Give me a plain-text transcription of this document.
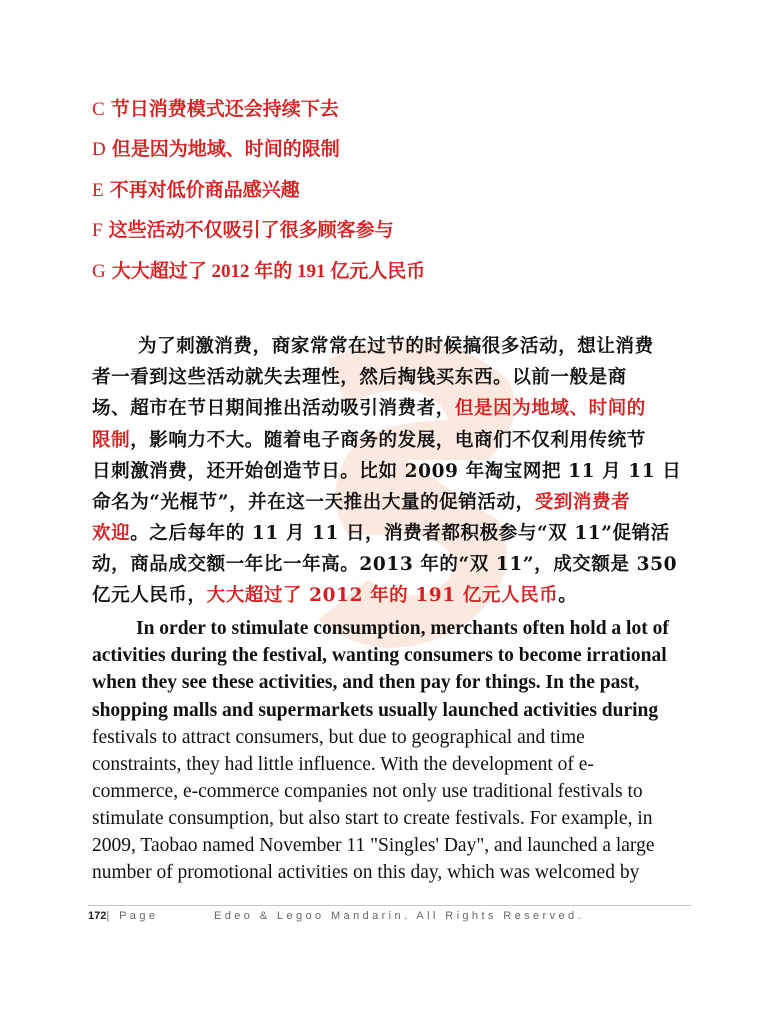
C 节日消费模式还会持续下去
D 但是因为地域、时间的限制
E 不再对低价商品感兴趣
F 这些活动不仅吸引了很多顾客参与
G 大大超过了 2012 年的 191 亿元人民币
为了刺激消费，商家常常在过节的时候搞很多活动，想让消费
者一看到这些活动就失去理性，然后掏钱买东西。以前一般是商
场、超市在节日期间推出活动吸引消费者，但是因为地域、时间的
限制，影响力不大。随着电子商务的发展，电商们不仅利用传统节
日刺激消费，还开始创造节日。比如 2009 年淘宝网把 11 月 11 日
命名为“光棍节”，并在这一天推出大量的促销活动，受到消费者
欢迎。之后每年的 11 月 11 日，消费者都积极参与“双 11”促销活
动，商品成交额一年比一年高。2013 年的“双 11”，成交额是 350
亿元人民币，大大超过了 2012 年的 191 亿元人民币。
In order to stimulate consumption, merchants often hold a lot of
activities during the festival, wanting consumers to become irrational
when they see these activities, and then pay for things. In the past,
shopping malls and supermarkets usually launched activities during
festivals to attract consumers, but due to geographical and time
constraints, they had little influence. With the development of e-
commerce, e-commerce companies not only use traditional festivals to
stimulate consumption, but also start to create festivals. For example, in
2009, Taobao named November 11 "Singles' Day", and launched a large
number of promotional activities on this day, which was welcomed by
172| Page	Edeo & Legoo Mandarin. All Rights Reserved.
